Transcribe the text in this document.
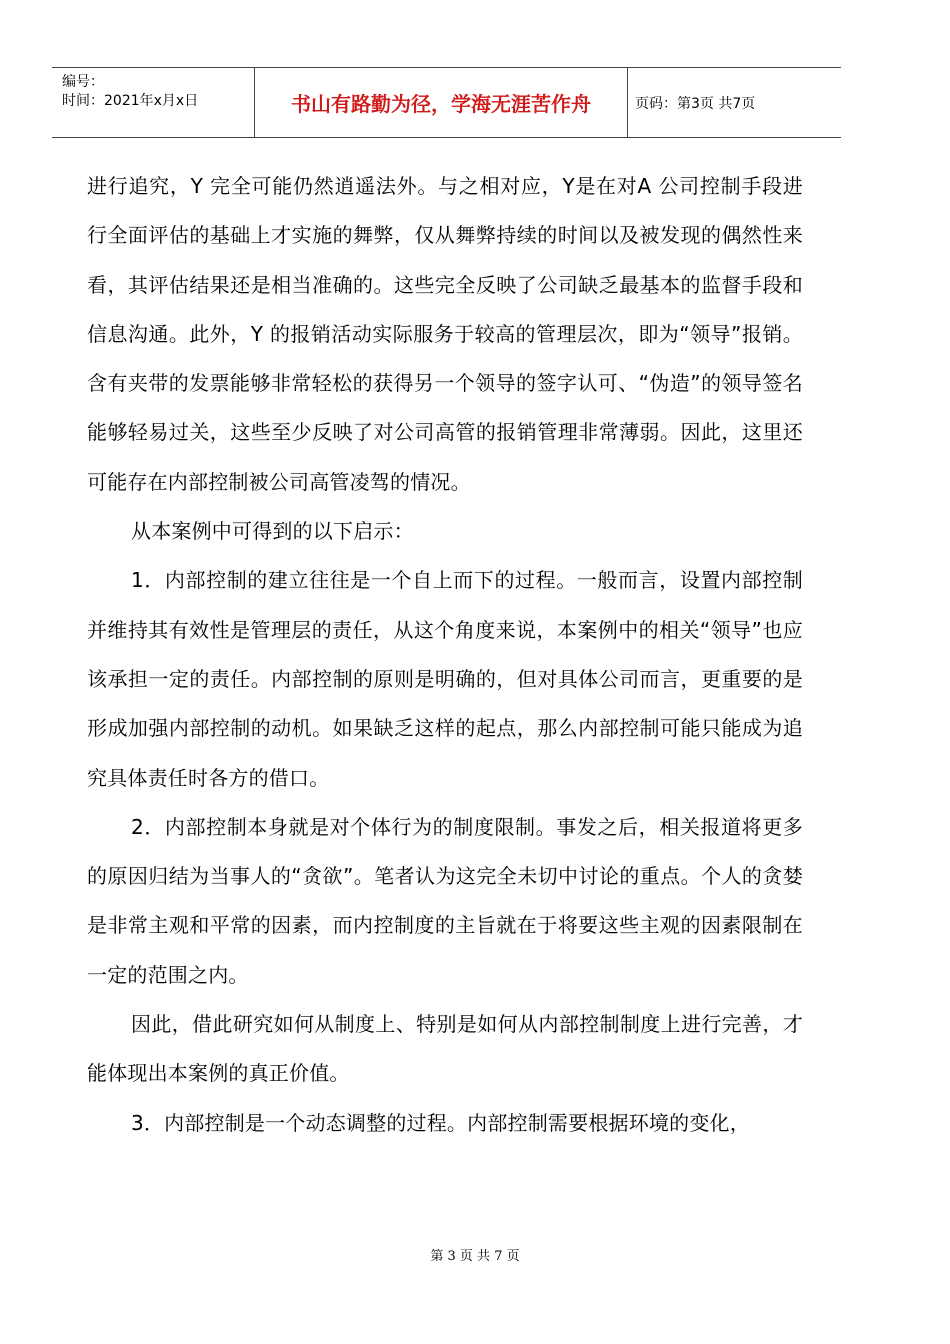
编号：
时间：2021年x月x日	书山有路勤为径，学海无涯苦作舟	页码：第3页 共7页

进行追究，Y 完全可能仍然逍遥法外。与之相对应，Y是在对A 公司控制手段进行全面评估的基础上才实施的舞弊，仅从舞弊持续的时间以及被发现的偶然性来看，其评估结果还是相当准确的。这些完全反映了公司缺乏最基本的监督手段和信息沟通。此外，Y 的报销活动实际服务于较高的管理层次，即为“领导”报销。含有夹带的发票能够非常轻松的获得另一个领导的签字认可、“伪造”的领导签名能够轻易过关，这些至少反映了对公司高管的报销管理非常薄弱。因此，这里还可能存在内部控制被公司高管凌驾的情况。

从本案例中可得到的以下启示：

1．内部控制的建立往往是一个自上而下的过程。一般而言，设置内部控制并维持其有效性是管理层的责任，从这个角度来说，本案例中的相关“领导”也应该承担一定的责任。内部控制的原则是明确的，但对具体公司而言，更重要的是形成加强内部控制的动机。如果缺乏这样的起点，那么内部控制可能只能成为追究具体责任时各方的借口。

2．内部控制本身就是对个体行为的制度限制。事发之后，相关报道将更多的原因归结为当事人的“贪欲”。笔者认为这完全未切中讨论的重点。个人的贪婪是非常主观和平常的因素，而内控制度的主旨就在于将要这些主观的因素限制在一定的范围之内。

因此，借此研究如何从制度上、特别是如何从内部控制制度上进行完善，才能体现出本案例的真正价值。

3．内部控制是一个动态调整的过程。内部控制需要根据环境的变化，

第 3 页 共 7 页
